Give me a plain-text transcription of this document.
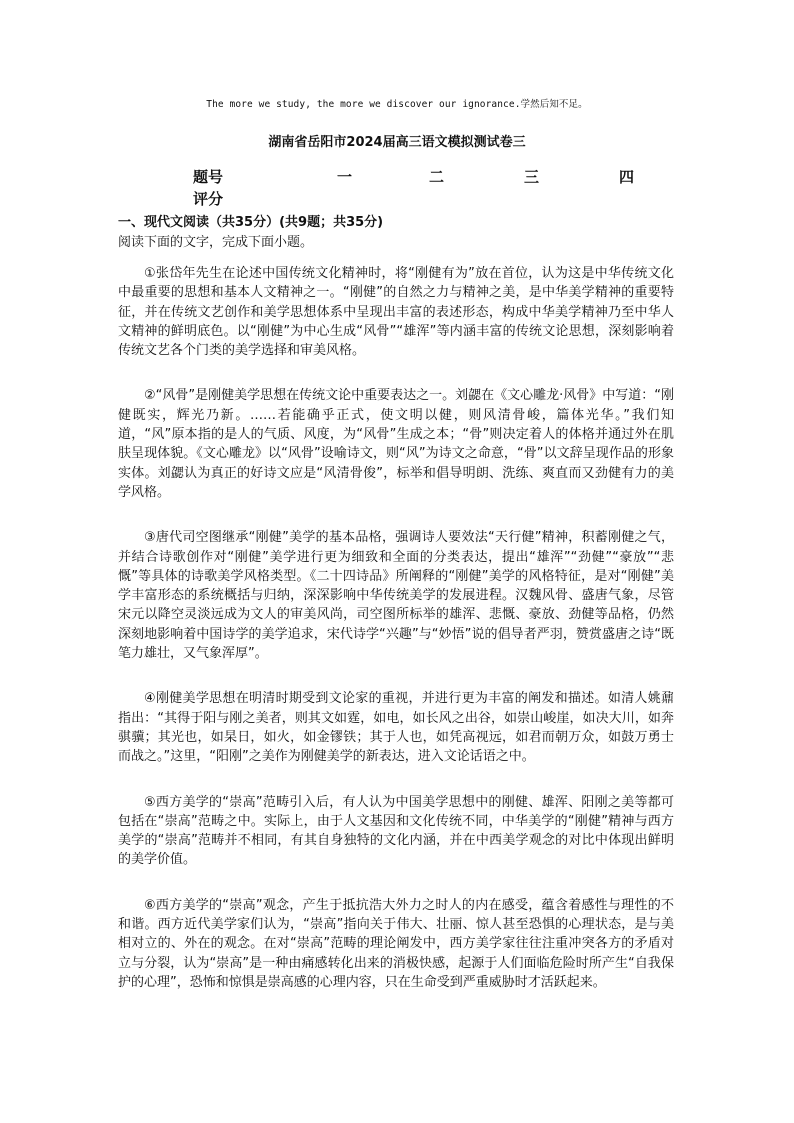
The more we study, the more we discover our ignorance.学然后知不足。
湖南省岳阳市2024届高三语文模拟测试卷三
题号	一	二	三	四
评分
一、现代文阅读（共35分）(共9题；共35分)
阅读下面的文字，完成下面小题。

①张岱年先生在论述中国传统文化精神时，将“刚健有为”放在首位，认为这是中华传统文化中最重要的思想和基本人文精神之一。“刚健”的自然之力与精神之美，是中华美学精神的重要特征，并在传统文艺创作和美学思想体系中呈现出丰富的表述形态，构成中华美学精神乃至中华人文精神的鲜明底色。以“刚健”为中心生成“风骨”“雄浑”等内涵丰富的传统文论思想，深刻影响着传统文艺各个门类的美学选择和审美风格。

②“风骨”是刚健美学思想在传统文论中重要表达之一。刘勰在《文心雕龙·风骨》中写道：“刚健既实，辉光乃新。……若能确乎正式，使文明以健，则风清骨峻，篇体光华。”我们知道，“风”原本指的是人的气质、风度，为“风骨”生成之本；“骨”则决定着人的体格并通过外在肌肤呈现体貌。《文心雕龙》以“风骨”设喻诗文，则“风”为诗文之命意，“骨”以文辞呈现作品的形象实体。刘勰认为真正的好诗文应是“风清骨俊”，标举和倡导明朗、洗练、爽直而又劲健有力的美学风格。

③唐代司空图继承“刚健”美学的基本品格，强调诗人要效法“天行健”精神，积蓄刚健之气，并结合诗歌创作对“刚健”美学进行更为细致和全面的分类表达，提出“雄浑”“劲健”“豪放”“悲慨”等具体的诗歌美学风格类型。《二十四诗品》所阐释的“刚健”美学的风格特征，是对“刚健”美学丰富形态的系统概括与归纳，深深影响中华传统美学的发展进程。汉魏风骨、盛唐气象，尽管宋元以降空灵淡远成为文人的审美风尚，司空图所标举的雄浑、悲慨、豪放、劲健等品格，仍然深刻地影响着中国诗学的美学追求，宋代诗学“兴趣”与“妙悟”说的倡导者严羽，赞赏盛唐之诗“既笔力雄壮，又气象浑厚”。

④刚健美学思想在明清时期受到文论家的重视，并进行更为丰富的阐发和描述。如清人姚鼐指出：“其得于阳与刚之美者，则其文如霆，如电，如长风之出谷，如崇山峻崖，如决大川，如奔骐骥；其光也，如杲日，如火，如金镠铁；其于人也，如凭高视远，如君而朝万众，如鼓万勇士而战之。”这里，“阳刚”之美作为刚健美学的新表达，进入文论话语之中。

⑤西方美学的“崇高”范畴引入后，有人认为中国美学思想中的刚健、雄浑、阳刚之美等都可包括在“崇高”范畴之中。实际上，由于人文基因和文化传统不同，中华美学的“刚健”精神与西方美学的“崇高”范畴并不相同，有其自身独特的文化内涵，并在中西美学观念的对比中体现出鲜明的美学价值。

⑥西方美学的“崇高”观念，产生于抵抗浩大外力之时人的内在感受，蕴含着感性与理性的不和谐。西方近代美学家们认为，“崇高”指向关于伟大、壮丽、惊人甚至恐惧的心理状态，是与美相对立的、外在的观念。在对“崇高”范畴的理论阐发中，西方美学家往往注重冲突各方的矛盾对立与分裂，认为“崇高”是一种由痛感转化出来的消极快感，起源于人们面临危险时所产生“自我保护的心理”，恐怖和惊惧是崇高感的心理内容，只在生命受到严重威胁时才活跃起来。
